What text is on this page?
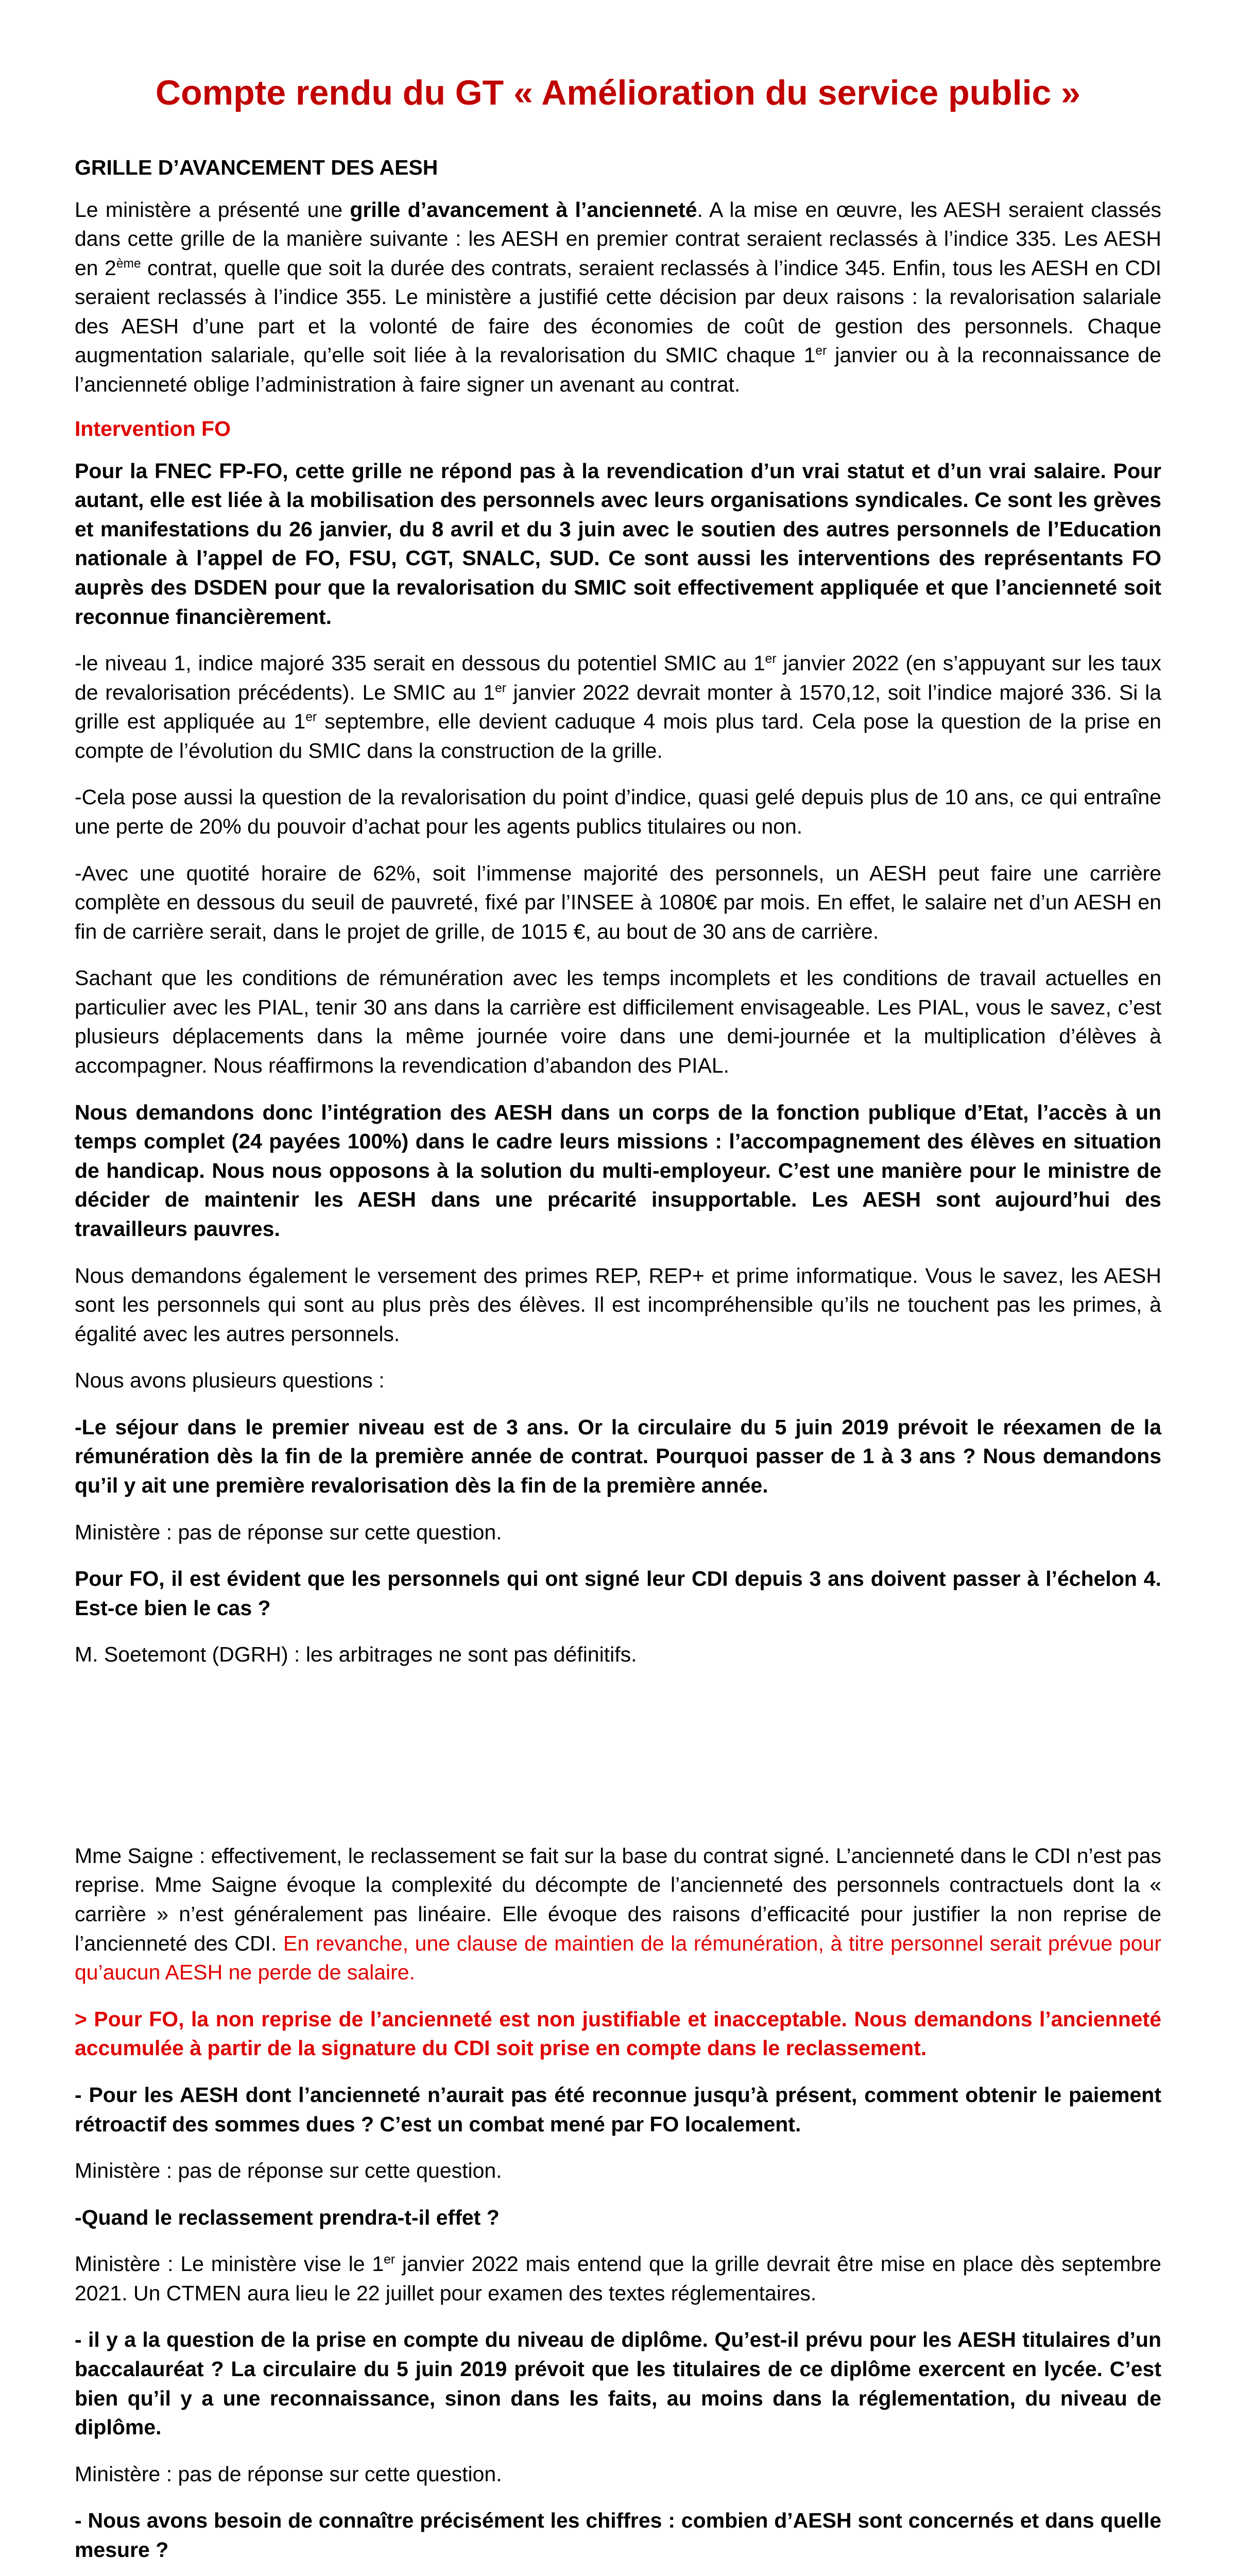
Compte rendu du GT « Amélioration du service public »
GRILLE D’AVANCEMENT DES AESH

Le ministère a présenté une grille d’avancement à l’ancienneté. A la mise en œuvre, les AESH seraient classés dans cette grille de la manière suivante : les AESH en premier contrat seraient reclassés à l’indice 335. Les AESH en 2ème contrat, quelle que soit la durée des contrats, seraient reclassés à l’indice 345. Enfin, tous les AESH en CDI seraient reclassés à l’indice 355. Le ministère a justifié cette décision par deux raisons : la revalorisation salariale des AESH d’une part et la volonté de faire des économies de coût de gestion des personnels. Chaque augmentation salariale, qu’elle soit liée à la revalorisation du SMIC chaque 1er janvier ou à la reconnaissance de l’ancienneté oblige l’administration à faire signer un avenant au contrat.

Intervention FO

Pour la FNEC FP-FO, cette grille ne répond pas à la revendication d’un vrai statut et d’un vrai salaire. Pour autant, elle est liée à la mobilisation des personnels avec leurs organisations syndicales. Ce sont les grèves et manifestations du 26 janvier, du 8 avril et du 3 juin avec le soutien des autres personnels de l’Education nationale à l’appel de FO, FSU, CGT, SNALC, SUD. Ce sont aussi les interventions des représentants FO auprès des DSDEN pour que la revalorisation du SMIC soit effectivement appliquée et que l’ancienneté soit reconnue financièrement.

-le niveau 1, indice majoré 335 serait en dessous du potentiel SMIC au 1er janvier 2022 (en s’appuyant sur les taux de revalorisation précédents). Le SMIC au 1er janvier 2022 devrait monter à 1570,12, soit l’indice majoré 336. Si la grille est appliquée au 1er septembre, elle devient caduque 4 mois plus tard. Cela pose la question de la prise en compte de l’évolution du SMIC dans la construction de la grille.

-Cela pose aussi la question de la revalorisation du point d’indice, quasi gelé depuis plus de 10 ans, ce qui entraîne une perte de 20% du pouvoir d’achat pour les agents publics titulaires ou non.

-Avec une quotité horaire de 62%, soit l’immense majorité des personnels, un AESH peut faire une carrière complète en dessous du seuil de pauvreté, fixé par l’INSEE à 1080€ par mois. En effet, le salaire net d’un AESH en fin de carrière serait, dans le projet de grille, de 1015 €, au bout de 30 ans de carrière.

Sachant que les conditions de rémunération avec les temps incomplets et les conditions de travail actuelles en particulier avec les PIAL, tenir 30 ans dans la carrière est difficilement envisageable. Les PIAL, vous le savez, c’est plusieurs déplacements dans la même journée voire dans une demi-journée et la multiplication d’élèves à accompagner. Nous réaffirmons la revendication d’abandon des PIAL.

Nous demandons donc l’intégration des AESH dans un corps de la fonction publique d’Etat, l’accès à un temps complet (24 payées 100%) dans le cadre leurs missions : l’accompagnement des élèves en situation de handicap. Nous nous opposons à la solution du multi-employeur. C’est une manière pour le ministre de décider de maintenir les AESH dans une précarité insupportable. Les AESH sont aujourd’hui des travailleurs pauvres.

Nous demandons également le versement des primes REP, REP+ et prime informatique. Vous le savez, les AESH sont les personnels qui sont au plus près des élèves. Il est incompréhensible qu’ils ne touchent pas les primes, à égalité avec les autres personnels.

Nous avons plusieurs questions :

-Le séjour dans le premier niveau est de 3 ans. Or la circulaire du 5 juin 2019 prévoit le réexamen de la rémunération dès la fin de la première année de contrat. Pourquoi passer de 1 à 3 ans ? Nous demandons qu’il y ait une première revalorisation dès la fin de la première année.

Ministère : pas de réponse sur cette question.

Pour FO, il est évident que les personnels qui ont signé leur CDI depuis 3 ans doivent passer à l’échelon 4. Est-ce bien le cas ?

M. Soetemont (DGRH) : les arbitrages ne sont pas définitifs.

Mme Saigne : effectivement, le reclassement se fait sur la base du contrat signé. L’ancienneté dans le CDI n’est pas reprise. Mme Saigne évoque la complexité du décompte de l’ancienneté des personnels contractuels dont la « carrière » n’est généralement pas linéaire. Elle évoque des raisons d’efficacité pour justifier la non reprise de l’ancienneté des CDI. En revanche, une clause de maintien de la rémunération, à titre personnel serait prévue pour qu’aucun AESH ne perde de salaire.

> Pour FO, la non reprise de l’ancienneté est non justifiable et inacceptable. Nous demandons l’ancienneté accumulée à partir de la signature du CDI soit prise en compte dans le reclassement.

- Pour les AESH dont l’ancienneté n’aurait pas été reconnue jusqu’à présent, comment obtenir le paiement rétroactif des sommes dues ? C’est un combat mené par FO localement.

Ministère : pas de réponse sur cette question.

-Quand le reclassement prendra-t-il effet ?

Ministère : Le ministère vise le 1er janvier 2022 mais entend que la grille devrait être mise en place dès septembre 2021. Un CTMEN aura lieu le 22 juillet pour examen des textes réglementaires.

- il y a la question de la prise en compte du niveau de diplôme. Qu’est-il prévu pour les AESH titulaires d’un baccalauréat ? La circulaire du 5 juin 2019 prévoit que les titulaires de ce diplôme exercent en lycée. C’est bien qu’il y a une reconnaissance, sinon dans les faits, au moins dans la réglementation, du niveau de diplôme.

Ministère : pas de réponse sur cette question.

- Nous avons besoin de connaître précisément les chiffres : combien d’AESH sont concernés et dans quelle mesure ?
